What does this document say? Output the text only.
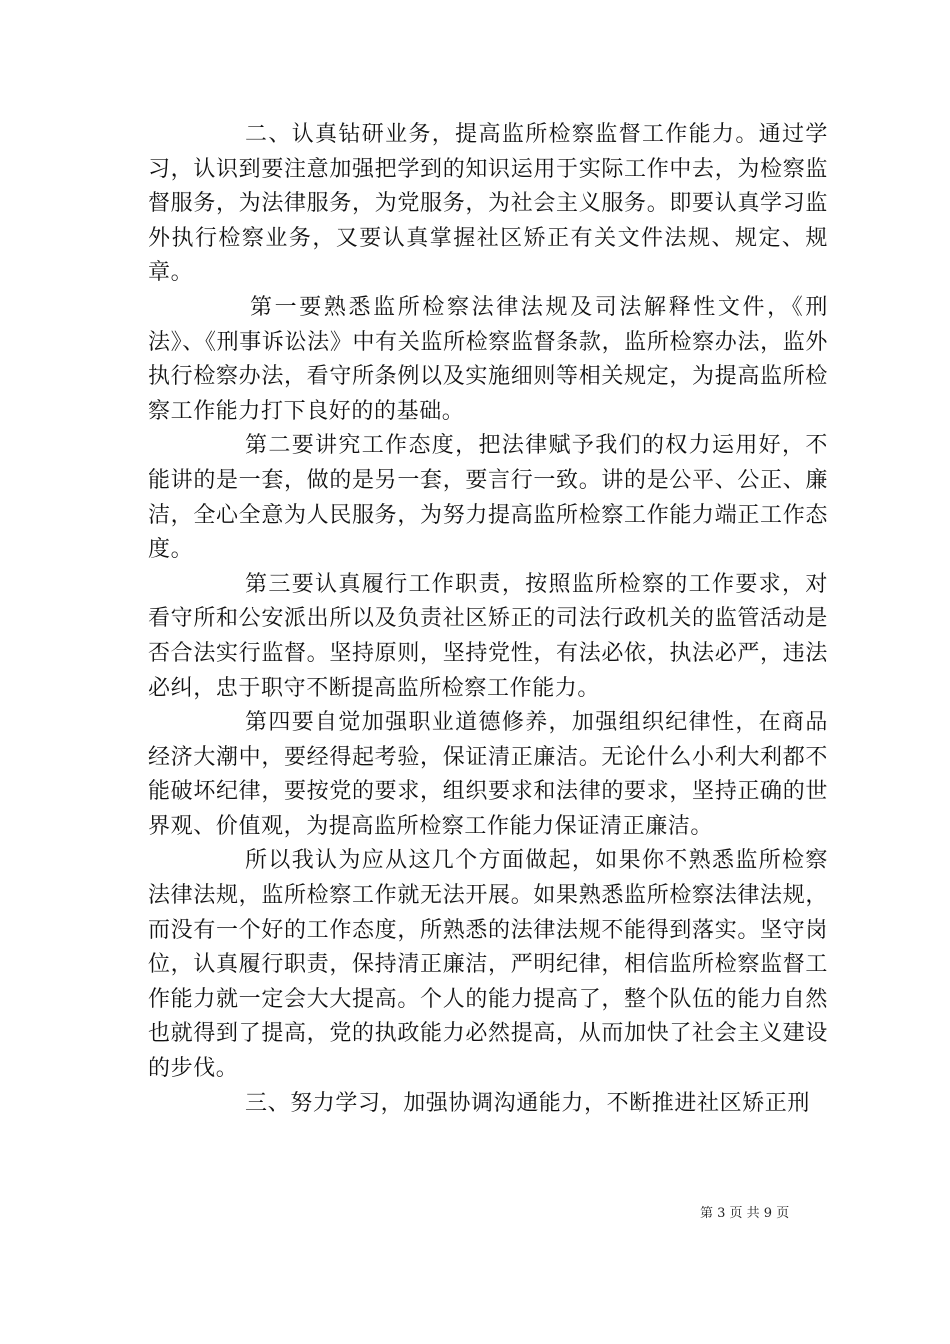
二、认真钻研业务，提高监所检察监督工作能力。通过学习，认识到要注意加强把学到的知识运用于实际工作中去，为检察监督服务，为法律服务，为党服务，为社会主义服务。即要认真学习监外执行检察业务，又要认真掌握社区矫正有关文件法规、规定、规章。

第一要熟悉监所检察法律法规及司法解释性文件，《刑法》、《刑事诉讼法》中有关监所检察监督条款，监所检察办法，监外执行检察办法，看守所条例以及实施细则等相关规定，为提高监所检察工作能力打下良好的的基础。

第二要讲究工作态度，把法律赋予我们的权力运用好，不能讲的是一套，做的是另一套，要言行一致。讲的是公平、公正、廉洁，全心全意为人民服务，为努力提高监所检察工作能力端正工作态度。

第三要认真履行工作职责，按照监所检察的工作要求，对看守所和公安派出所以及负责社区矫正的司法行政机关的监管活动是否合法实行监督。坚持原则，坚持党性，有法必依，执法必严，违法必纠，忠于职守不断提高监所检察工作能力。

第四要自觉加强职业道德修养，加强组织纪律性，在商品经济大潮中，要经得起考验，保证清正廉洁。无论什么小利大利都不能破坏纪律，要按党的要求，组织要求和法律的要求，坚持正确的世界观、价值观，为提高监所检察工作能力保证清正廉洁。

所以我认为应从这几个方面做起，如果你不熟悉监所检察法律法规，监所检察工作就无法开展。如果熟悉监所检察法律法规，而没有一个好的工作态度，所熟悉的法律法规不能得到落实。坚守岗位，认真履行职责，保持清正廉洁，严明纪律，相信监所检察监督工作能力就一定会大大提高。个人的能力提高了，整个队伍的能力自然也就得到了提高，党的执政能力必然提高，从而加快了社会主义建设的步伐。

三、努力学习，加强协调沟通能力，不断推进社区矫正刑

第 3 页 共 9 页
